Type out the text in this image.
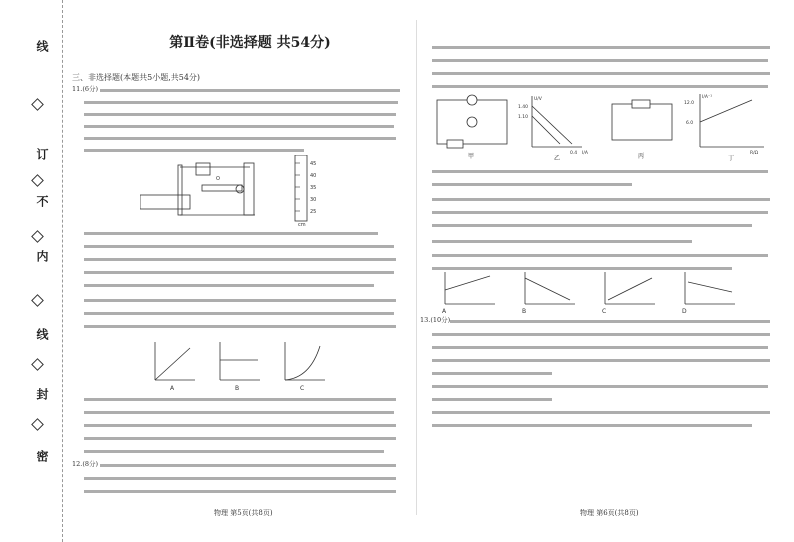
线
订
不
内
线
封
密
第Ⅱ卷(非选择题 共54分)
三、非选择题(本题共5小题,共54分)
11.(6分)
O
45
40
35
30
25
cm
A	B	C
12.(8分)
物理 第5页(共8页)
甲
U/V
1.40
1.10
0.4 I/A
乙	丙
I/A⁻¹
12.0
6.0
R/Ω
丁
A	B	C	D
13.(10分)
物理 第6页(共8页)
